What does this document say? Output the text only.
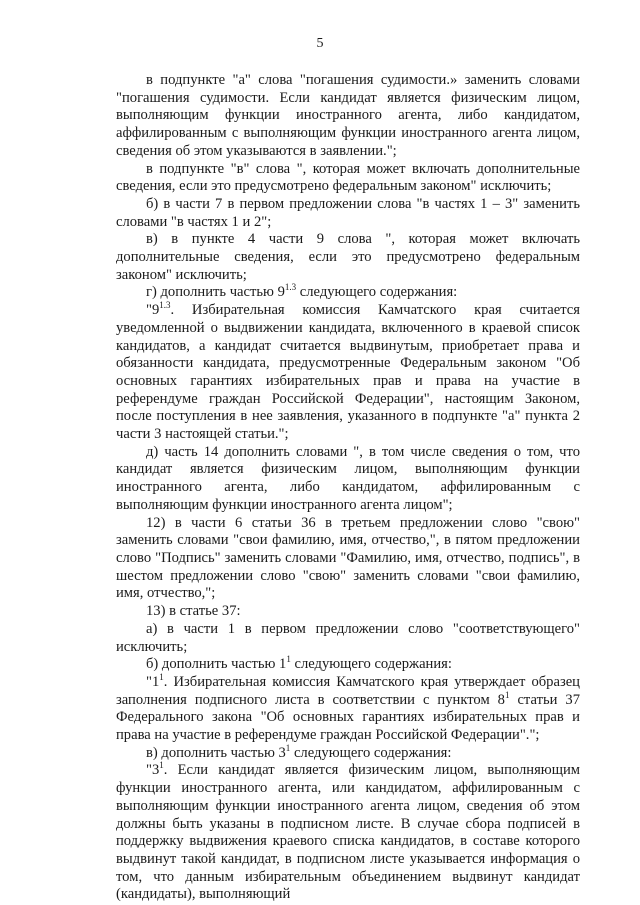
5

в подпункте "а" слова "погашения судимости.» заменить словами "погашения судимости. Если кандидат является физическим лицом, выполняющим функции иностранного агента, либо кандидатом, аффилированным с выполняющим функции иностранного агента лицом, сведения об этом указываются в заявлении.";

в подпункте "в" слова ", которая может включать дополнительные сведения, если это предусмотрено федеральным законом" исключить;

б) в части 7 в первом предложении слова "в частях 1 – 3" заменить словами "в частях 1 и 2";

в) в пункте 4 части 9 слова ", которая может включать дополнительные сведения, если это предусмотрено федеральным законом" исключить;

г) дополнить частью $9^{1.3}$ следующего содержания:

"$9^{1.3}$. Избирательная комиссия Камчатского края считается уведомленной о выдвижении кандидата, включенного в краевой список кандидатов, а кандидат считается выдвинутым, приобретает права и обязанности кандидата, предусмотренные Федеральным законом "Об основных гарантиях избирательных прав и права на участие в референдуме граждан Российской Федерации", настоящим Законом, после поступления в нее заявления, указанного в подпункте "а" пункта 2 части 3 настоящей статьи.";

д) часть 14 дополнить словами ", в том числе сведения о том, что кандидат является физическим лицом, выполняющим функции иностранного агента, либо кандидатом, аффилированным с выполняющим функции иностранного агента лицом";

12) в части 6 статьи 36 в третьем предложении слово "свою" заменить словами "свои фамилию, имя, отчество,", в пятом предложении слово "Подпись" заменить словами "Фамилию, имя, отчество, подпись", в шестом предложении слово "свою" заменить словами "свои фамилию, имя, отчество,";

13) в статье 37:

а) в части 1 в первом предложении слово "соответствующего" исключить;

б) дополнить частью $1^1$ следующего содержания:

"$1^1$. Избирательная комиссия Камчатского края утверждает образец заполнения подписного листа в соответствии с пунктом $8^1$ статьи 37 Федерального закона "Об основных гарантиях избирательных прав и права на участие в референдуме граждан Российской Федерации".";

в) дополнить частью $3^1$ следующего содержания:

"$3^1$. Если кандидат является физическим лицом, выполняющим функции иностранного агента, или кандидатом, аффилированным с выполняющим функции иностранного агента лицом, сведения об этом должны быть указаны в подписном листе. В случае сбора подписей в поддержку выдвижения краевого списка кандидатов, в составе которого выдвинут такой кандидат, в подписном листе указывается информация о том, что данным избирательным объединением выдвинут кандидат (кандидаты), выполняющий
